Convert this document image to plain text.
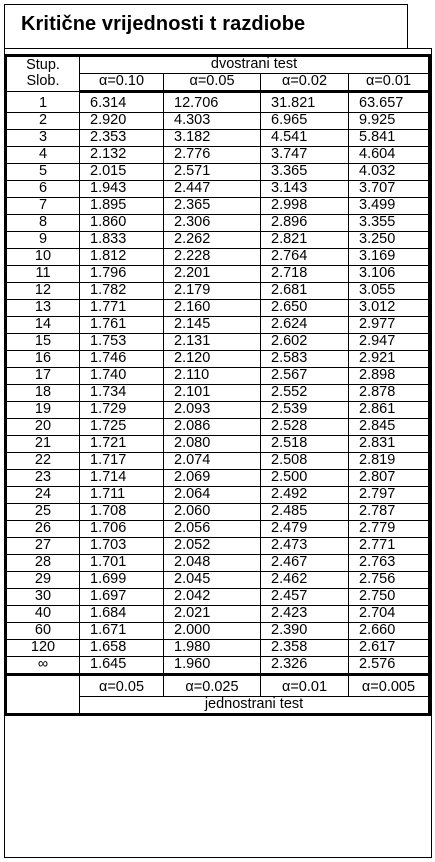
Kritične vrijednosti t razdiobe
Stup.
Slob.	dvostrani test			
	α=0.10	α=0.05	α=0.02	α=0.01
1	6.314	12.706	31.821	63.657
2	2.920	4.303	6.965	9.925
3	2.353	3.182	4.541	5.841
4	2.132	2.776	3.747	4.604
5	2.015	2.571	3.365	4.032
6	1.943	2.447	3.143	3.707
7	1.895	2.365	2.998	3.499
8	1.860	2.306	2.896	3.355
9	1.833	2.262	2.821	3.250
10	1.812	2.228	2.764	3.169
11	1.796	2.201	2.718	3.106
12	1.782	2.179	2.681	3.055
13	1.771	2.160	2.650	3.012
14	1.761	2.145	2.624	2.977
15	1.753	2.131	2.602	2.947
16	1.746	2.120	2.583	2.921
17	1.740	2.110	2.567	2.898
18	1.734	2.101	2.552	2.878
19	1.729	2.093	2.539	2.861
20	1.725	2.086	2.528	2.845
21	1.721	2.080	2.518	2.831
22	1.717	2.074	2.508	2.819
23	1.714	2.069	2.500	2.807
24	1.711	2.064	2.492	2.797
25	1.708	2.060	2.485	2.787
26	1.706	2.056	2.479	2.779
27	1.703	2.052	2.473	2.771
28	1.701	2.048	2.467	2.763
29	1.699	2.045	2.462	2.756
30	1.697	2.042	2.457	2.750
40	1.684	2.021	2.423	2.704
60	1.671	2.000	2.390	2.660
120	1.658	1.980	2.358	2.617
∞	1.645	1.960	2.326	2.576
	α=0.05	α=0.025	α=0.01	α=0.005
	jednostrani test			
